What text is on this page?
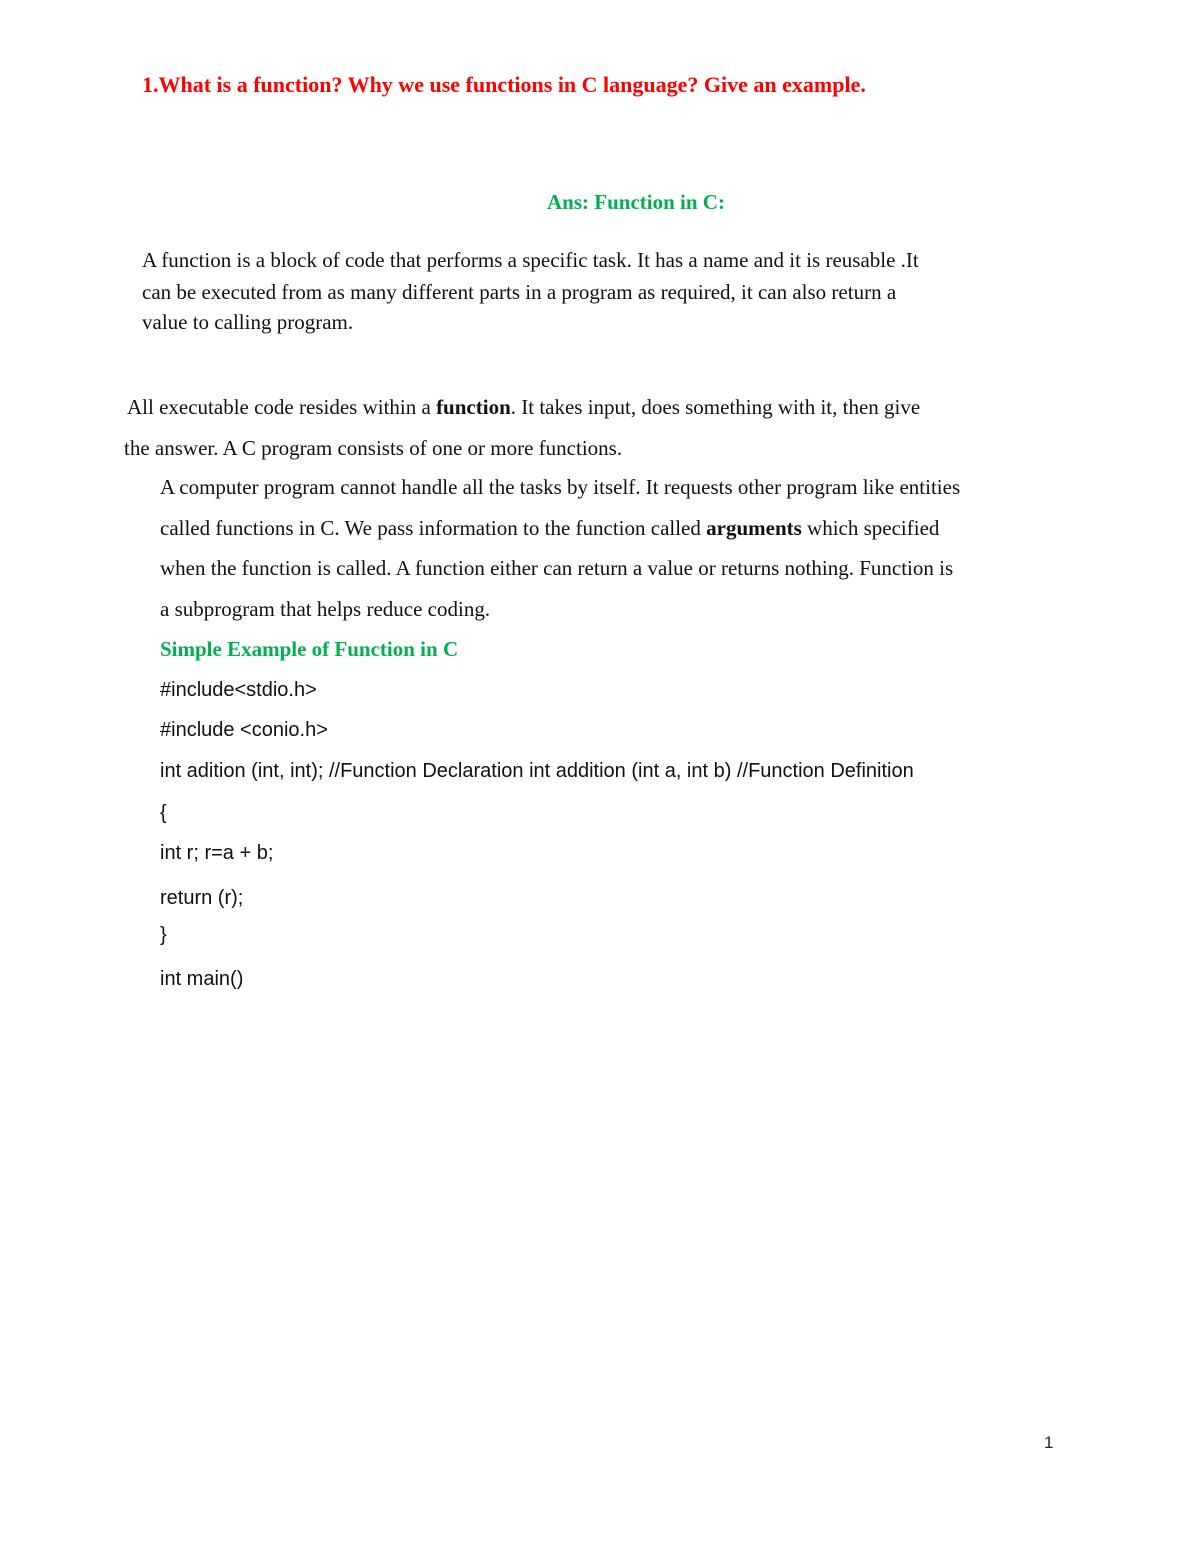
1.What is a function? Why we use functions in C language? Give an example.
Ans: Function in C:
A function is a block of code that performs a specific task. It has a name and it is reusable .It
can be executed from as many different parts in a program as required, it can also return a
value to calling program.
All executable code resides within a function. It takes input, does something with it, then give
the answer. A C program consists of one or more functions.
A computer program cannot handle all the tasks by itself. It requests other program like entities
called functions in C. We pass information to the function called arguments which specified
when the function is called. A function either can return a value or returns nothing. Function is
a subprogram that helps reduce coding.
Simple Example of Function in C
#include<stdio.h>
#include <conio.h>
int adition (int, int); //Function Declaration int addition (int a, int b) //Function Definition
{
int r; r=a + b;
return (r);
}
int main()
1
